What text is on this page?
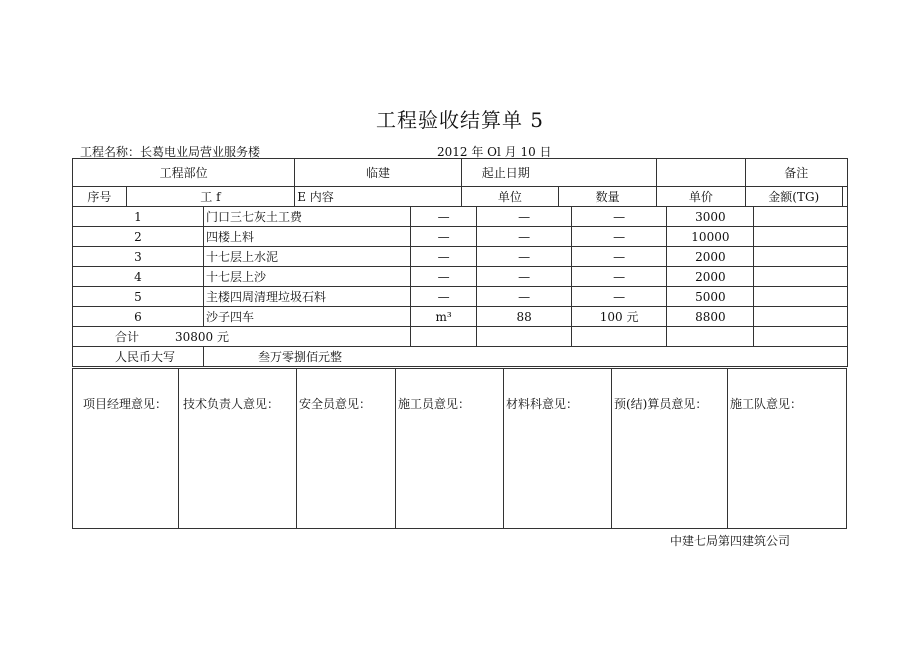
工程验收结算单 5
工程名称：长葛电业局营业服务楼	2012 年 Ol 月 10 日
工程部位		临建	起止日期			备注	
序号	工 f	E 内容	单位	数量	单价	金额(TG)	
1	门口三七灰土工费	—	—	—	3000	
2	四楼上料	—	—	—	10000	
3	十七层上水泥	—	—	—	2000	
4	十七层上沙	—	—	—	2000	
5	主楼四周清理垃圾石料	—	—	—	5000	
6	沙子四车	m³	88	100 元	8800	
合计 30800 元						
人民币大写	叁万零捌佰元整					
项目经理意见：	技术负责人意见：	安全员意见：	施工员意见：	材料科意见：	预(结)算员意见：	施工队意见：
中建七局第四建筑公司
